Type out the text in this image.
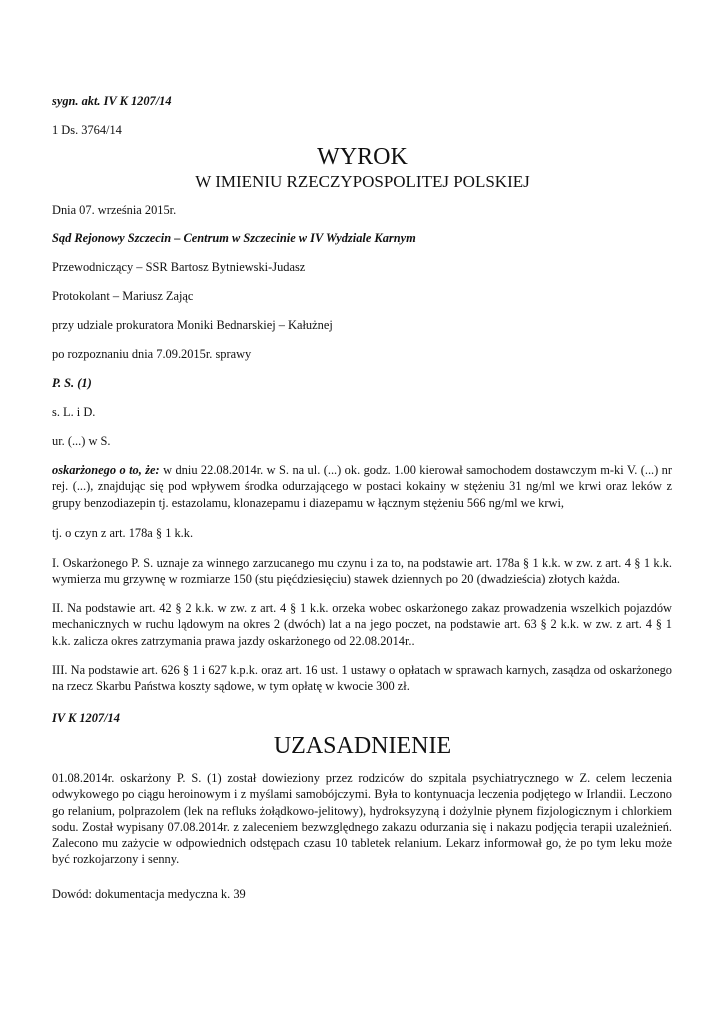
sygn. akt. IV K 1207/14

1 Ds. 3764/14

WYROK
W IMIENIU RZECZYPOSPOLITEJ POLSKIEJ

Dnia 07. września 2015r.

Sąd Rejonowy Szczecin – Centrum w Szczecinie w IV Wydziale Karnym

Przewodniczący – SSR Bartosz Bytniewski-Judasz

Protokolant – Mariusz Zając

przy udziale prokuratora Moniki Bednarskiej – Kałużnej

po rozpoznaniu dnia 7.09.2015r. sprawy

P. S. (1)

s. L. i D.

ur. (...) w S.

oskarżonego o to, że: w dniu 22.08.2014r. w S. na ul. (...) ok. godz. 1.00 kierował samochodem dostawczym m-ki V. (...) nr rej. (...), znajdując się pod wpływem środka odurzającego w postaci kokainy w stężeniu 31 ng/ml we krwi oraz leków z grupy benzodiazepin tj. estazolamu, klonazepamu i diazepamu w łącznym stężeniu 566 ng/ml we krwi,

tj. o czyn z art. 178a § 1 k.k.

I. Oskarżonego P. S. uznaje za winnego zarzucanego mu czynu i za to, na podstawie art. 178a § 1 k.k. w zw. z art. 4 § 1 k.k. wymierza mu grzywnę w rozmiarze 150 (stu pięćdziesięciu) stawek dziennych po 20 (dwadzieścia) złotych każda.

II. Na podstawie art. 42 § 2 k.k. w zw. z art. 4 § 1 k.k. orzeka wobec oskarżonego zakaz prowadzenia wszelkich pojazdów mechanicznych w ruchu lądowym na okres 2 (dwóch) lat a na jego poczet, na podstawie art. 63 § 2 k.k. w zw. z art. 4 § 1 k.k. zalicza okres zatrzymania prawa jazdy oskarżonego od 22.08.2014r..

III. Na podstawie art. 626 § 1 i 627 k.p.k. oraz art. 16 ust. 1 ustawy o opłatach w sprawach karnych, zasądza od oskarżonego na rzecz Skarbu Państwa koszty sądowe, w tym opłatę w kwocie 300 zł.

IV K 1207/14

UZASADNIENIE

01.08.2014r. oskarżony P. S. (1) został dowieziony przez rodziców do szpitala psychiatrycznego w Z. celem leczenia odwykowego po ciągu heroinowym i z myślami samobójczymi. Była to kontynuacja leczenia podjętego w Irlandii. Leczono go relanium, polprazolem (lek na refluks żołądkowo-jelitowy), hydroksyzyną i dożylnie płynem fizjologicznym i chlorkiem sodu. Został wypisany 07.08.2014r. z zaleceniem bezwzględnego zakazu odurzania się i nakazu podjęcia terapii uzależnień. Zalecono mu zażycie w odpowiednich odstępach czasu 10 tabletek relanium. Lekarz informował go, że po tym leku może być rozkojarzony i senny.

Dowód: dokumentacja medyczna k. 39
